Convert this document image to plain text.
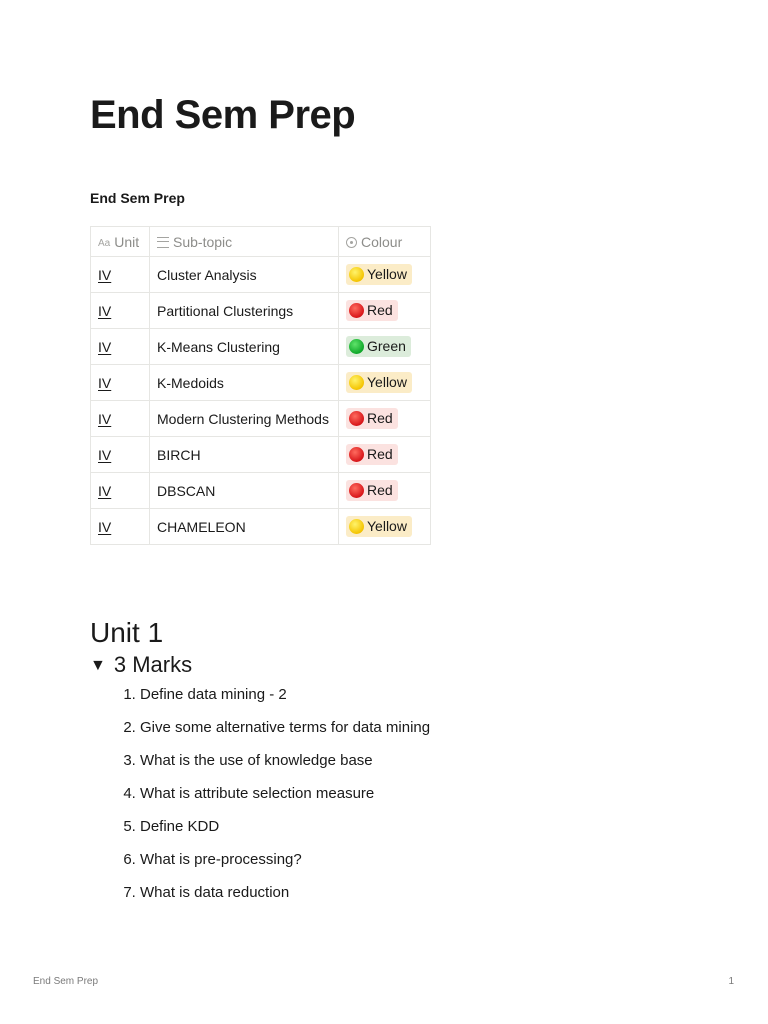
End Sem Prep
End Sem Prep
Aa Unit	Sub-topic	Colour
IV	Cluster Analysis	Yellow
IV	Partitional Clusterings	Red
IV	K-Means Clustering	Green
IV	K-Medoids	Yellow
IV	Modern Clustering Methods	Red
IV	BIRCH	Red
IV	DBSCAN	Red
IV	CHAMELEON	Yellow
Unit 1
▼ 3 Marks
1. Define data mining - 2
2. Give some alternative terms for data mining
3. What is the use of knowledge base
4. What is attribute selection measure
5. Define KDD
6. What is pre-processing?
7. What is data reduction
End Sem Prep	1
